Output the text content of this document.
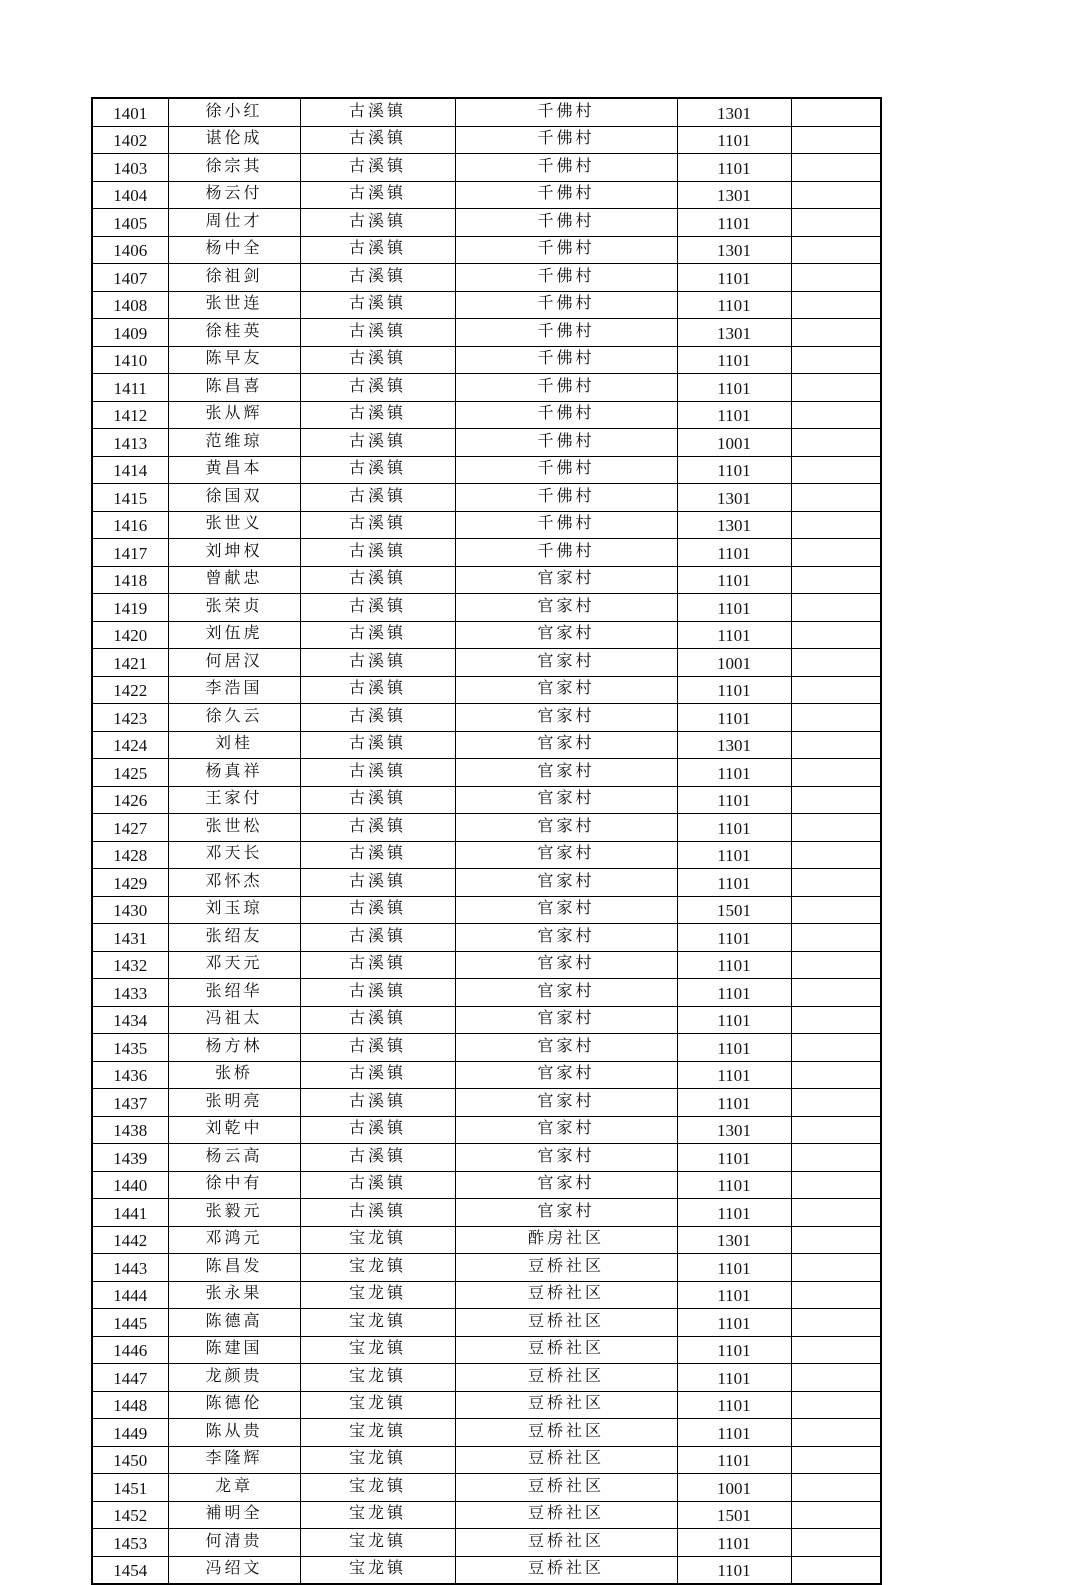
1401	徐小红	古溪镇	千佛村	1301	
1402	谌伦成	古溪镇	千佛村	1101	
1403	徐宗其	古溪镇	千佛村	1101	
1404	杨云付	古溪镇	千佛村	1301	
1405	周仕才	古溪镇	千佛村	1101	
1406	杨中全	古溪镇	千佛村	1301	
1407	徐祖剑	古溪镇	千佛村	1101	
1408	张世连	古溪镇	千佛村	1101	
1409	徐桂英	古溪镇	千佛村	1301	
1410	陈早友	古溪镇	千佛村	1101	
1411	陈昌喜	古溪镇	千佛村	1101	
1412	张从辉	古溪镇	千佛村	1101	
1413	范维琼	古溪镇	千佛村	1001	
1414	黄昌本	古溪镇	千佛村	1101	
1415	徐国双	古溪镇	千佛村	1301	
1416	张世义	古溪镇	千佛村	1301	
1417	刘坤权	古溪镇	千佛村	1101	
1418	曾献忠	古溪镇	官家村	1101	
1419	张荣贞	古溪镇	官家村	1101	
1420	刘伍虎	古溪镇	官家村	1101	
1421	何居汉	古溪镇	官家村	1001	
1422	李浩国	古溪镇	官家村	1101	
1423	徐久云	古溪镇	官家村	1101	
1424	刘桂	古溪镇	官家村	1301	
1425	杨真祥	古溪镇	官家村	1101	
1426	王家付	古溪镇	官家村	1101	
1427	张世松	古溪镇	官家村	1101	
1428	邓天长	古溪镇	官家村	1101	
1429	邓怀杰	古溪镇	官家村	1101	
1430	刘玉琼	古溪镇	官家村	1501	
1431	张绍友	古溪镇	官家村	1101	
1432	邓天元	古溪镇	官家村	1101	
1433	张绍华	古溪镇	官家村	1101	
1434	冯祖太	古溪镇	官家村	1101	
1435	杨方林	古溪镇	官家村	1101	
1436	张桥	古溪镇	官家村	1101	
1437	张明亮	古溪镇	官家村	1101	
1438	刘乾中	古溪镇	官家村	1301	
1439	杨云高	古溪镇	官家村	1101	
1440	徐中有	古溪镇	官家村	1101	
1441	张毅元	古溪镇	官家村	1101	
1442	邓鸿元	宝龙镇	酢房社区	1301	
1443	陈昌发	宝龙镇	豆桥社区	1101	
1444	张永果	宝龙镇	豆桥社区	1101	
1445	陈德高	宝龙镇	豆桥社区	1101	
1446	陈建国	宝龙镇	豆桥社区	1101	
1447	龙颜贵	宝龙镇	豆桥社区	1101	
1448	陈德伦	宝龙镇	豆桥社区	1101	
1449	陈从贵	宝龙镇	豆桥社区	1101	
1450	李隆辉	宝龙镇	豆桥社区	1101	
1451	龙章	宝龙镇	豆桥社区	1001	
1452	補明全	宝龙镇	豆桥社区	1501	
1453	何清贵	宝龙镇	豆桥社区	1101	
1454	冯绍文	宝龙镇	豆桥社区	1101	
